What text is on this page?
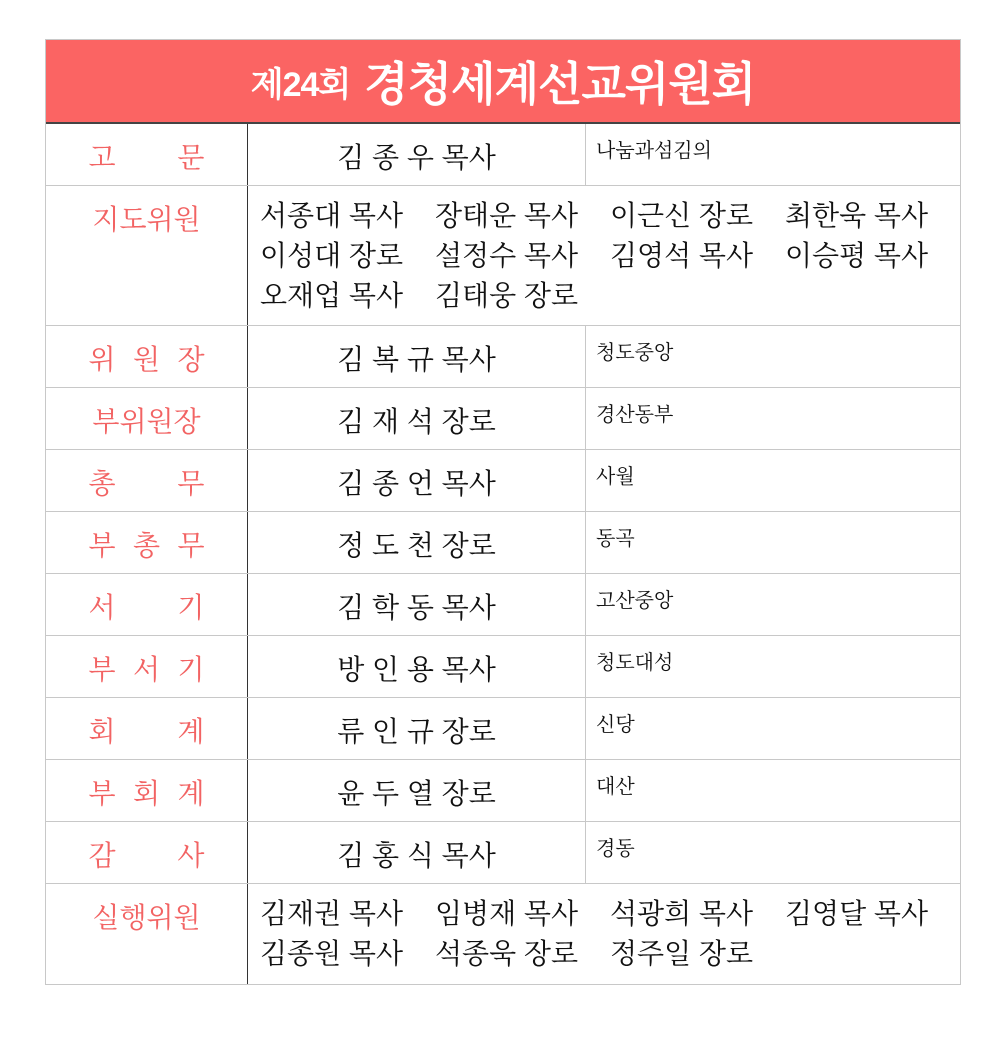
제24회 경청세계선교위원회
고 문	김 종 우 목사	나눔과섬김의
지도위원	서종대 목사 장태운 목사 이근신 장로 최한욱 목사이성대 장로 설정수 목사 김영석 목사 이승평 목사오재업 목사 김태웅 장로
위 원 장	김 복 규 목사	청도중앙
부위원장	김 재 석 장로	경산동부
총 무	김 종 언 목사	사월
부 총 무	정 도 천 장로	동곡
서 기	김 학 동 목사	고산중앙
부 서 기	방 인 용 목사	청도대성
회 계	류 인 규 장로	신당
부 회 계	윤 두 열 장로	대산
감 사	김 홍 식 목사	경동
실행위원	김재권 목사 임병재 목사 석광희 목사 김영달 목사김종원 목사 석종욱 장로 정주일 장로
